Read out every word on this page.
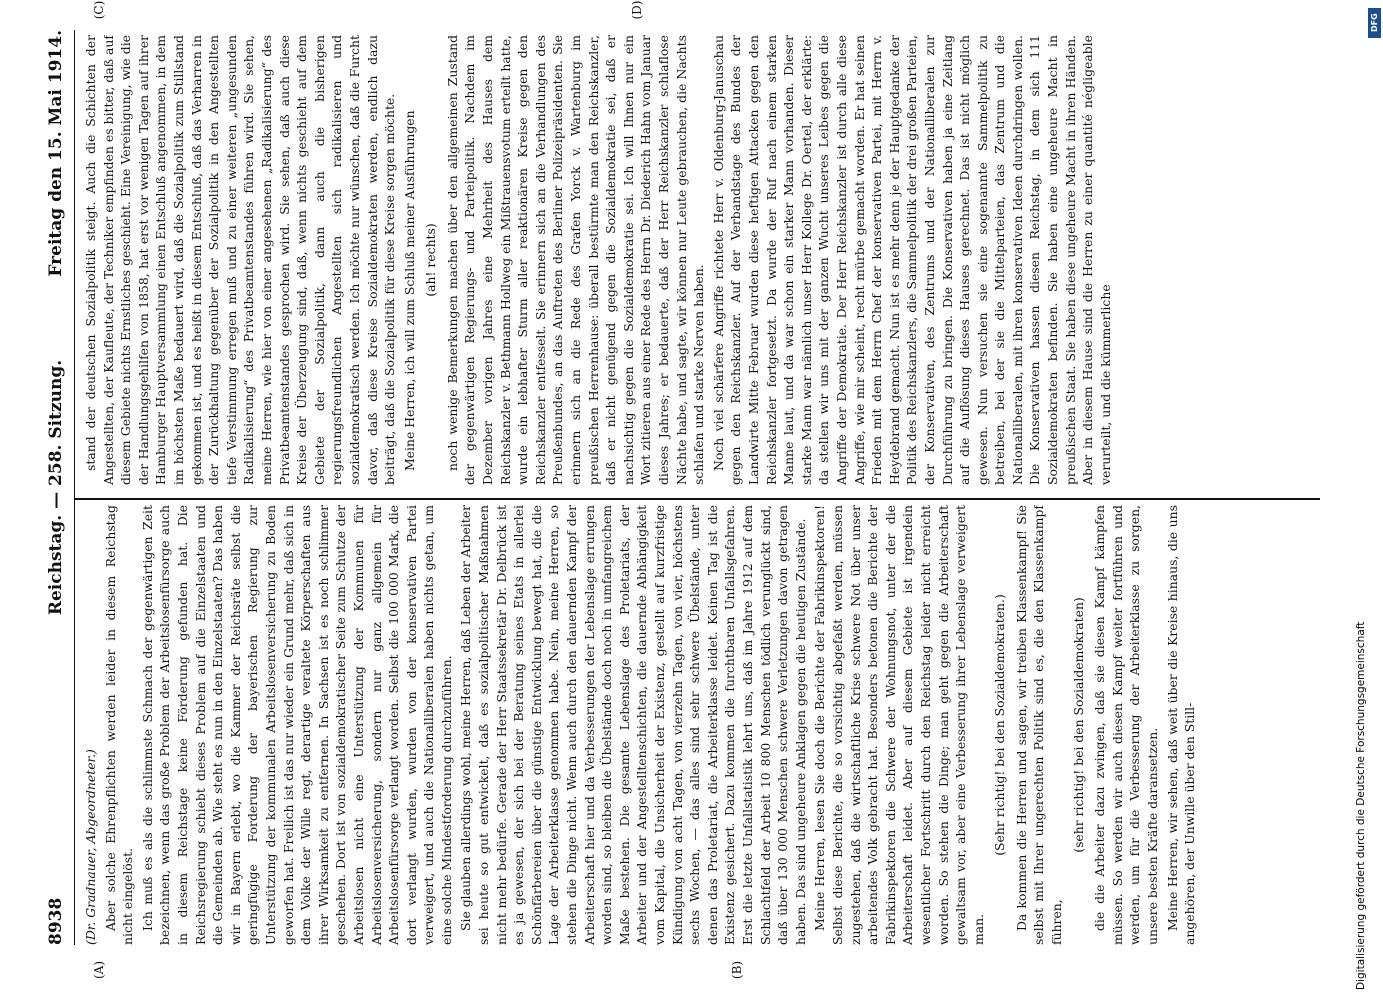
8938
Reichstag. — 258. Sitzung.
Freitag den 15. Mai 1914.
(A)	(B)
(C)	(D)

(Dr. Gradnauer, Abgeordneter.) Aber solche Ehrenpflichten werden leider in diesem Reichstag nicht eingelöst. Ich muß es als die schlimmste Schmach der gegenwärtigen Zeit bezeichnen, wenn das große Problem der Arbeitslosenfürsorge auch in diesem Reichstage keine Förderung gefunden hat. Die Reichsregierung schiebt dieses Problem auf die Einzelstaaten und die Gemeinden ab. Wie steht es nun in den Einzelstaaten? Das haben wir in Bayern erlebt, wo die Kammer der Reichsräte selbst die geringfügige Forderung der bayerischen Regierung zur Unterstützung der kommunalen Arbeitslosenversicherung zu Boden geworfen hat. Freilich ist das nur wieder ein Grund mehr, daß sich in dem Volke der Wille regt, derartige veraltete Körperschaften aus ihrer Wirksamkeit zu entfernen. In Sachsen ist es noch schlimmer geschehen. Dort ist von sozialdemokratischer Seite zum Schutze der Arbeitslosen nicht eine Unterstützung der Kommunen für Arbeitslosenversicherung, sondern nur ganz allgemein für Arbeitslosenfürsorge verlangt worden. Selbst die 100 000 Mark, die dort verlangt wurden, wurden von der konservativen Partei verweigert, und auch die Nationalliberalen haben nichts getan, um eine solche Mindestforderung durchzuführen. Sie glauben allerdings wohl, meine Herren, daß Leben der Arbeiter sei heute so gut entwickelt, daß es sozialpolitischer Maßnahmen nicht mehr bedürfe. Gerade der Herr Staatssekretär Dr. Delbrück ist es ja gewesen, der sich bei der Beratung seines Etats in allerlei Schönfärbereien über die günstige Entwicklung bewegt hat, die die Lage der Arbeiterklasse genommen habe. Nein, meine Herren, so stehen die Dinge nicht. Wenn auch durch den dauernden Kampf der Arbeiterschaft hier und da Verbesserungen der Lebenslage errungen worden sind, so bleiben die Übelstände doch noch in umfangreichem Maße bestehen. Die gesamte Lebenslage des Proletariats, der Arbeiter und der Angestelltenschichten, die dauernde Abhängigkeit vom Kapital, die Unsicherheit der Existenz, gestellt auf kurzfristige Kündigung von acht Tagen, von vierzehn Tagen, von vier, höchstens sechs Wochen, — das alles sind sehr schwere Übelstände, unter denen das Proletariat, die Arbeiterklasse leidet. Keinen Tag ist die Existenz gesichert. Dazu kommen die furchtbaren Unfallsgefahren. Erst die letzte Unfallstatistik lehrt uns, daß im Jahre 1912 auf dem Schlachtfeld der Arbeit 10 800 Menschen tödlich verunglückt sind, daß über 130 000 Menschen schwere Verletzungen davon getragen haben. Das sind ungeheure Anklagen gegen die heutigen Zustände. Meine Herren, lesen Sie doch die Berichte der Fabrikinspektoren! Selbst diese Berichte, die so vorsichtig abgefaßt werden, müssen zugestehen, daß die wirtschaftliche Krise schwere Not über unser arbeitendes Volk gebracht hat. Besonders betonen die Berichte der Fabrikinspektoren die Schwere der Wohnungsnot, unter der die Arbeiterschaft leidet. Aber auf diesem Gebiete ist irgendein wesentlicher Fortschritt durch den Reichstag leider nicht erreicht worden. So stehen die Dinge; man geht gegen die Arbeiterschaft gewaltsam vor, aber eine Verbesserung ihrer Lebenslage verweigert man.

(Sehr richtig! bei den Sozialdemokraten.) Da kommen die Herren und sagen, wir treiben Klassenkampf! Sie selbst mit Ihrer ungerechten Politik sind es, die den Klassenkampf führen,

(sehr richtig! bei den Sozialdemokraten) die die Arbeiter dazu zwingen, daß sie diesen Kampf kämpfen müssen. So werden wir auch diesen Kampf weiter fortführen und werden, um für die Verbesserung der Arbeiterklasse zu sorgen, unsere besten Kräfte daransetzen. Meine Herren, wir sehen, daß weit über die Kreise hinaus, die uns angehören, der Unwille über den Still-

stand der deutschen Sozialpolitik steigt. Auch die Schichten der Angestellten, der Kaufleute, der Techniker empfinden es bitter, daß auf diesem Gebiete nichts Ernstliches geschieht. Eine Vereinigung, wie die der Handlungsgehilfen von 1858, hat erst vor wenigen Tagen auf ihrer Hamburger Hauptversammlung einen Entschluß angenommen, in dem im höchsten Maße bedauert wird, daß die Sozialpolitik zum Stillstand gekommen ist, und es heißt in diesem Entschluß, daß das Verharren in der Zurückhaltung gegenüber der Sozialpolitik in den Angestellten tiefe Verstimmung erregen muß und zu einer weiteren „ungesunden Radikalisierung“ des Privatbeamtenstandes führen wird. Sie sehen, meine Herren, wie hier von einer angesehenen „Radikalisierung“ des Privatbeamtenstandes gesprochen wird. Sie sehen, daß auch diese Kreise der Überzeugung sind, daß, wenn nichts geschieht auf dem Gebiete der Sozialpolitik, dann auch die bisherigen regierungsfreundlichen Angestellten sich radikalisieren und sozialdemokratisch werden. Ich möchte nur wünschen, daß die Furcht davor, daß diese Kreise Sozialdemokraten werden, endlich dazu beiträgt, daß die Sozialpolitik für diese Kreise sorgen möchte. Meine Herren, ich will zum Schluß meiner Ausführungen (ah! rechts) noch wenige Bemerkungen machen über den allgemeinen Zustand der gegenwärtigen Regierungs- und Parteipolitik. Nachdem im Dezember vorigen Jahres eine Mehrheit des Hauses dem Reichskanzler v. Bethmann Hollweg ein Mißtrauensvotum erteilt hatte, wurde ein lebhafter Sturm aller reaktionären Kreise gegen den Reichskanzler entfesselt. Sie erinnern sich an die Verhandlungen des Preußenbundes, an das Auftreten des Berliner Polizeipräsidenten. Sie erinnern sich an die Rede des Grafen Yorck v. Wartenburg im preußischen Herrenhause: überall bestürmte man den Reichskanzler, daß er nicht genügend gegen die Sozialdemokratie sei, daß er nachsichtig gegen die Sozialdemokratie sei. Ich will Ihnen nur ein Wort zitieren aus einer Rede des Herrn Dr. Diederich Hahn vom Januar dieses Jahres; er bedauerte, daß der Herr Reichskanzler schlaflose Nächte habe, und sagte, wir können nur Leute gebrauchen, die Nachts schlafen und starke Nerven haben. Noch viel schärfere Angriffe richtete Herr v. Oldenburg-Januschau gegen den Reichskanzler. Auf der Verbandstage des Bundes der Landwirte Mitte Februar wurden diese heftigen Attacken gegen den Reichskanzler fortgesetzt. Da wurde der Ruf nach einem starken Manne laut, und da war schon ein starker Mann vorhanden. Dieser starke Mann war nämlich unser Herr Kollege Dr. Oertel, der erklärte: da stellen wir uns mit der ganzen Wucht unseres Leibes gegen die Angriffe der Demokratie. Der Herr Reichskanzler ist durch alle diese Angriffe, wie mir scheint, recht mürbe gemacht worden. Er hat seinen Frieden mit dem Herrn Chef der konservativen Partei, mit Herrn v. Heydebrand gemacht. Nun ist es mehr denn je der Hauptgedanke der Politik des Reichskanzlers, die Sammelpolitik der drei großen Parteien, der Konservativen, des Zentrums und der Nationalliberalen zur Durchführung zu bringen. Die Konservativen haben ja eine Zeitlang auf die Auflösung dieses Hauses gerechnet. Das ist nicht möglich gewesen. Nun versuchen sie eine sogenannte Sammelpolitik zu betreiben, bei der sie die Mittelparteien, das Zentrum und die Nationalliberalen, mit ihren konservativen Ideen durchdringen wollen. Die Konservativen hassen diesen Reichstag, in dem sich 111 Sozialdemokraten befinden. Sie haben eine ungeheure Macht in preußischen Staat. Sie haben diese ungeheure Macht in ihren Händen. Aber in diesem Hause sind die Herren zu einer quantité négligeable verurteilt, und die kümmerliche

Digitalisierung gefördert durch die Deutsche Forschungsgemeinschaft
DFG
